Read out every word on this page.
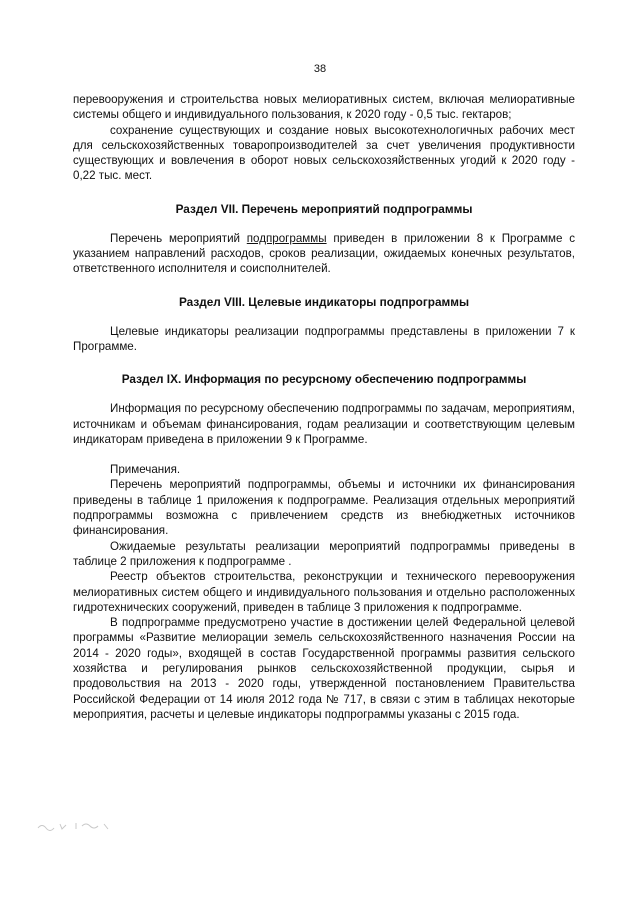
38

перевооружения и строительства новых мелиоративных систем, включая мелиоративные системы общего и индивидуального пользования, к 2020 году - 0,5 тыс. гектаров;

сохранение существующих и создание новых высокотехнологичных рабочих мест для сельскохозяйственных товаропроизводителей за счет увеличения продуктивности существующих и вовлечения в оборот новых сельскохозяйственных угодий к 2020 году - 0,22 тыс. мест.

Раздел VII. Перечень мероприятий подпрограммы

Перечень мероприятий подпрограммы приведен в приложении 8 к Программе с указанием направлений расходов, сроков реализации, ожидаемых конечных результатов, ответственного исполнителя и соисполнителей.

Раздел VIII. Целевые индикаторы подпрограммы

Целевые индикаторы реализации подпрограммы представлены в приложении 7 к Программе.

Раздел IX. Информация по ресурсному обеспечению подпрограммы

Информация по ресурсному обеспечению подпрограммы по задачам, мероприятиям, источникам и объемам финансирования, годам реализации и соответствующим целевым индикаторам приведена в приложении 9 к Программе.

Примечания.

Перечень мероприятий подпрограммы, объемы и источники их финансирования приведены в таблице 1 приложения к подпрограмме. Реализация отдельных мероприятий подпрограммы возможна с привлечением средств из внебюджетных источников финансирования.

Ожидаемые результаты реализации мероприятий подпрограммы приведены в таблице 2 приложения к подпрограмме .

Реестр объектов строительства, реконструкции и технического перевооружения мелиоративных систем общего и индивидуального пользования и отдельно расположенных гидротехнических сооружений, приведен в таблице 3 приложения к подпрограмме.

В подпрограмме предусмотрено участие в достижении целей Федеральной целевой программы «Развитие мелиорации земель сельскохозяйственного назначения России на 2014 - 2020 годы», входящей в состав Государственной программы развития сельского хозяйства и регулирования рынков сельскохозяйственной продукции, сырья и продовольствия на 2013 - 2020 годы, утвержденной постановлением Правительства Российской Федерации от 14 июля 2012 года № 717, в связи с этим в таблицах некоторые мероприятия, расчеты и целевые индикаторы подпрограммы указаны с 2015 года.
